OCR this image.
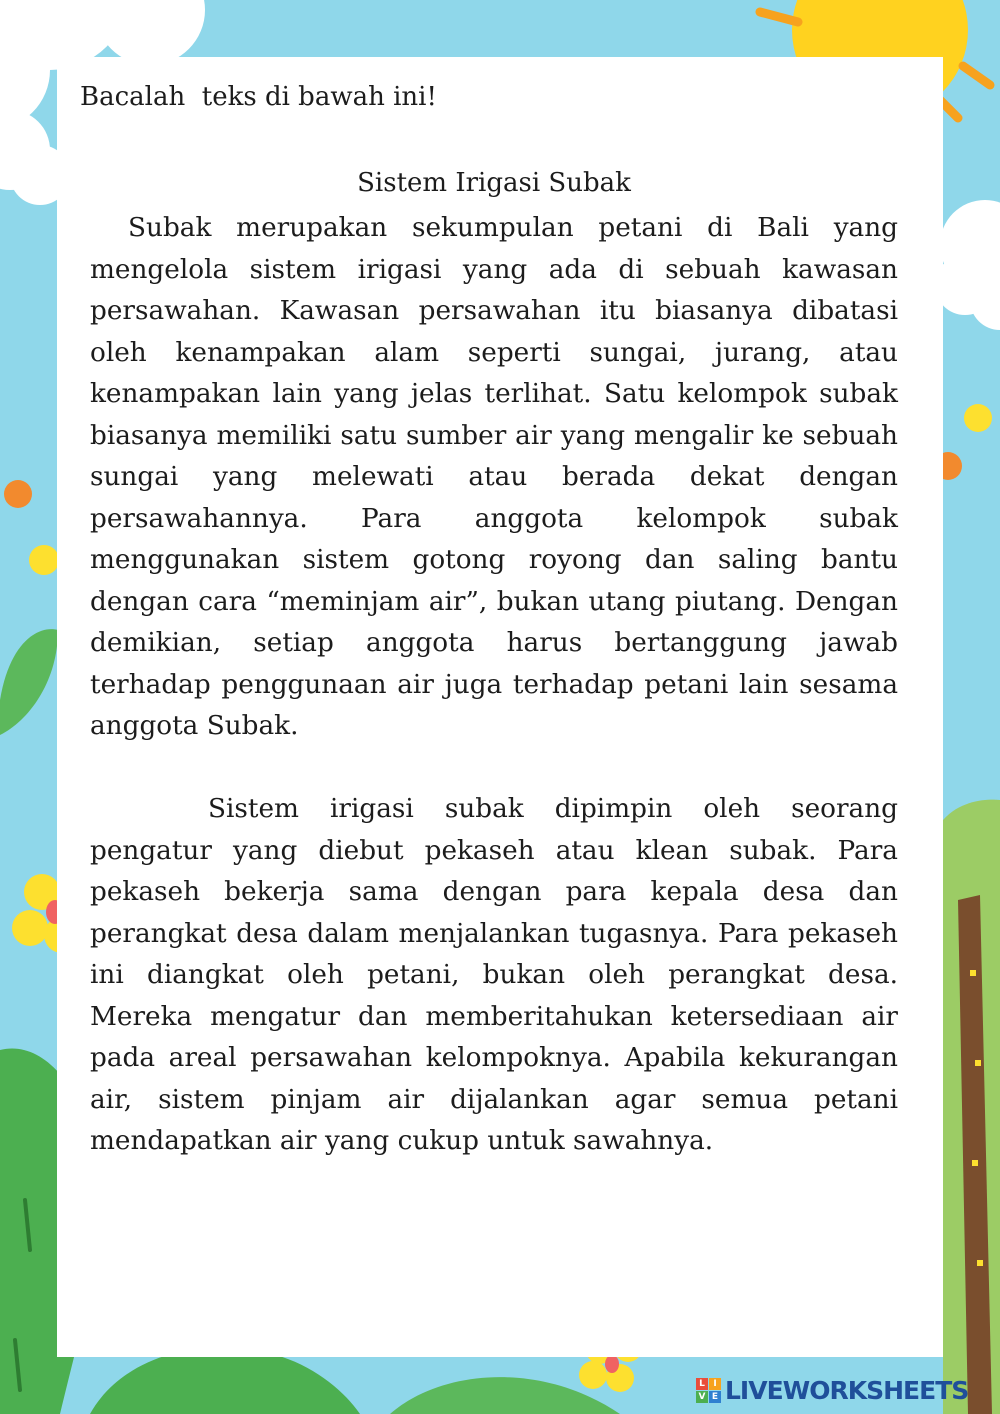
Bacalah  teks di bawah ini!

Sistem Irigasi Subak

Subak merupakan sekumpulan petani di Bali yang mengelola sistem irigasi yang ada di sebuah kawasan persawahan. Kawasan persawahan itu biasanya dibatasi oleh kenampakan alam seperti sungai, jurang, atau kenampakan lain yang jelas terlihat. Satu kelompok subak biasanya memiliki satu sumber air yang mengalir ke sebuah sungai yang melewati atau berada dekat dengan persawahannya. Para anggota kelompok subak menggunakan sistem gotong royong dan saling bantu dengan cara “meminjam air”, bukan utang piutang. Dengan demikian, setiap anggota harus bertanggung jawab terhadap penggunaan air juga terhadap petani lain sesama anggota Subak.

Sistem irigasi subak dipimpin oleh seorang pengatur yang diebut pekaseh atau klean subak. Para pekaseh bekerja sama dengan para kepala desa dan perangkat desa dalam menjalankan tugasnya. Para pekaseh ini diangkat oleh petani, bukan oleh perangkat desa. Mereka mengatur dan memberitahukan ketersediaan air pada areal persawahan kelompoknya. Apabila kekurangan air, sistem pinjam air dijalankan agar semua petani mendapatkan air yang cukup untuk sawahnya.

L I
V E LIVEWORKSHEETS
